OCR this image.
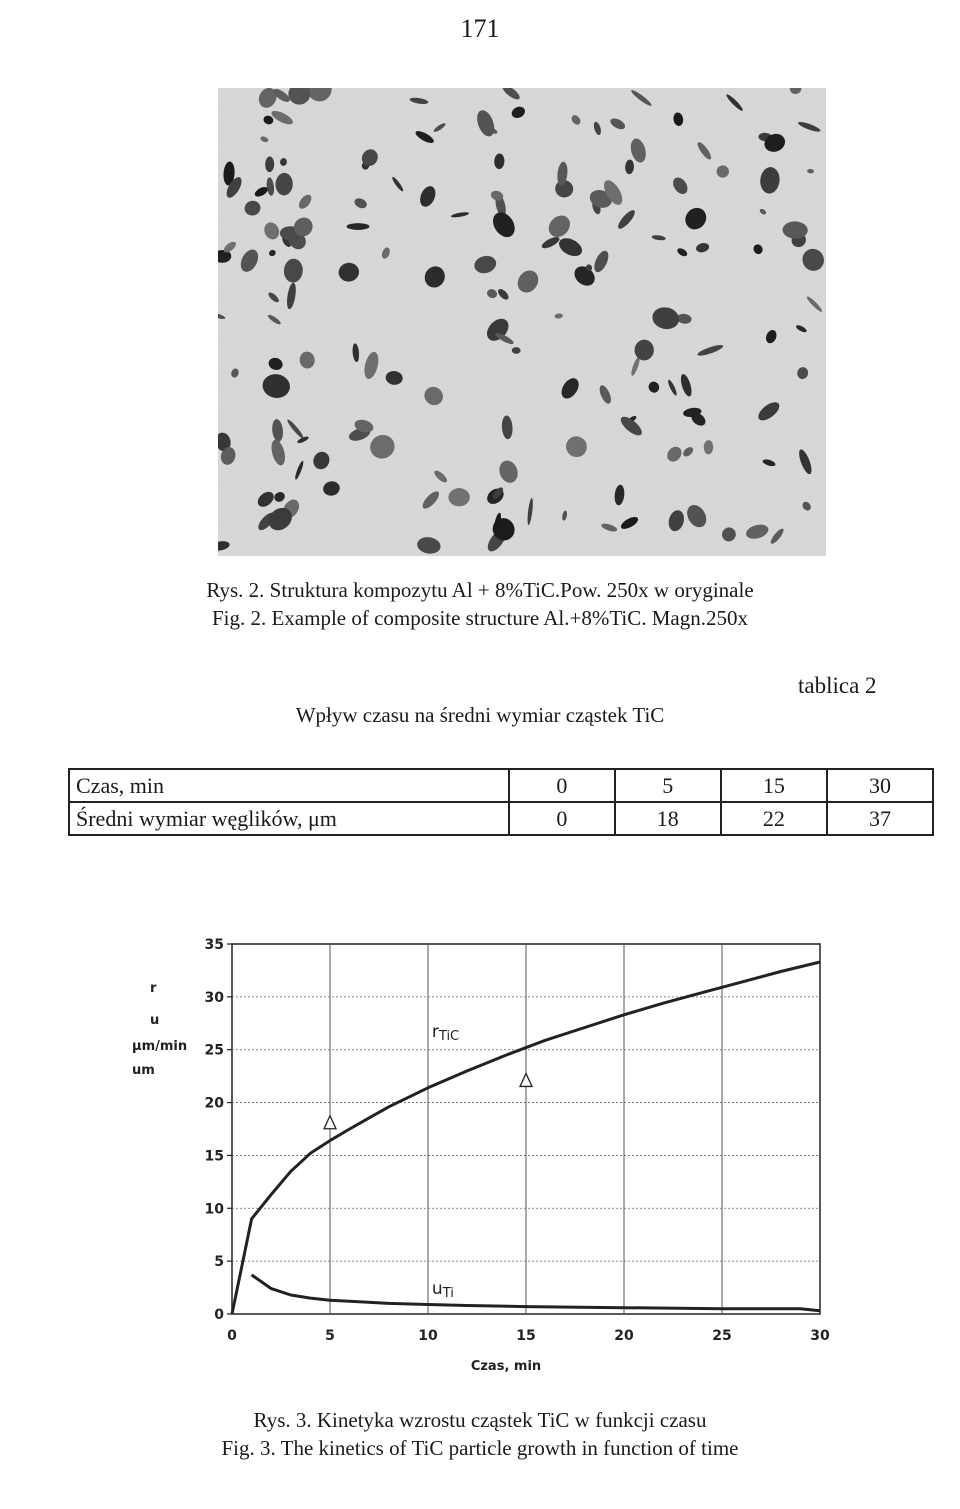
171
Rys. 2. Struktura kompozytu Al + 8%TiC.Pow. 250x w oryginale
Fig. 2. Example of composite structure Al.+8%TiC. Magn.250x
tablica 2
Wpływ czasu na średni wymiar cząstek TiC
Czas, min	0	5	15	30
Średni wymiar węglików, μm	0	18	22	37
0	5	10	15	20	25	30
0
5
10
15
20
25
30
35
rTiC
uTi
r
u
μm/min
um
Czas, min
Rys. 3. Kinetyka wzrostu cząstek TiC w funkcji czasu
Fig. 3. The kinetics of TiC particle growth in function of time
